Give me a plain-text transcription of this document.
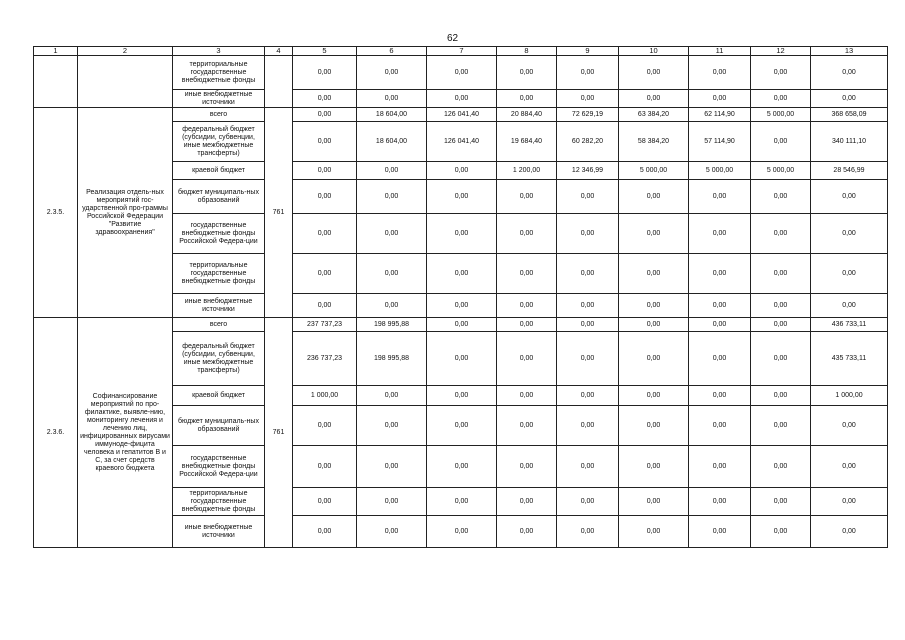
62
1	2	3	4	5	6	7	8	9	10	11	12	13
		территориальные государственные внебюджетные фонды		0,00	0,00	0,00	0,00	0,00	0,00	0,00	0,00	0,00
		иные внебюджетные источники		0,00	0,00	0,00	0,00	0,00	0,00	0,00	0,00	0,00
2.3.5.	Реализация отдель-ных мероприятий гос-ударственной про-граммы Российской Федерации "Развитие здравоохранения"	всего	761	0,00	18 604,00	126 041,40	20 884,40	72 629,19	63 384,20	62 114,90	5 000,00	368 658,09
		федеральный бюджет (субсидии, субвенции, иные межбюджетные трансферты)		0,00	18 604,00	126 041,40	19 684,40	60 282,20	58 384,20	57 114,90	0,00	340 111,10
		краевой бюджет		0,00	0,00	0,00	1 200,00	12 346,99	5 000,00	5 000,00	5 000,00	28 546,99
		бюджет муниципаль-ных образований		0,00	0,00	0,00	0,00	0,00	0,00	0,00	0,00	0,00
		государственные внебюджетные фонды Российской Федера-ции		0,00	0,00	0,00	0,00	0,00	0,00	0,00	0,00	0,00
		территориальные государственные внебюджетные фонды		0,00	0,00	0,00	0,00	0,00	0,00	0,00	0,00	0,00
		иные внебюджетные источники		0,00	0,00	0,00	0,00	0,00	0,00	0,00	0,00	0,00
2.3.6.	Софинансирование мероприятий по про-филактике, выявле-нию, мониторингу лечения и лечению лиц, инфицированных вирусами иммуноде-фицита человека и гепатитов В и С, за счет средств краевого бюджета	всего	761	237 737,23	198 995,88	0,00	0,00	0,00	0,00	0,00	0,00	436 733,11
		федеральный бюджет (субсидии, субвенции, иные межбюджетные трансферты)		236 737,23	198 995,88	0,00	0,00	0,00	0,00	0,00	0,00	435 733,11
		краевой бюджет		1 000,00	0,00	0,00	0,00	0,00	0,00	0,00	0,00	1 000,00
		бюджет муниципаль-ных образований		0,00	0,00	0,00	0,00	0,00	0,00	0,00	0,00	0,00
		государственные внебюджетные фонды Российской Федера-ции		0,00	0,00	0,00	0,00	0,00	0,00	0,00	0,00	0,00
		территориальные государственные внебюджетные фонды		0,00	0,00	0,00	0,00	0,00	0,00	0,00	0,00	0,00
		иные внебюджетные источники		0,00	0,00	0,00	0,00	0,00	0,00	0,00	0,00	0,00
